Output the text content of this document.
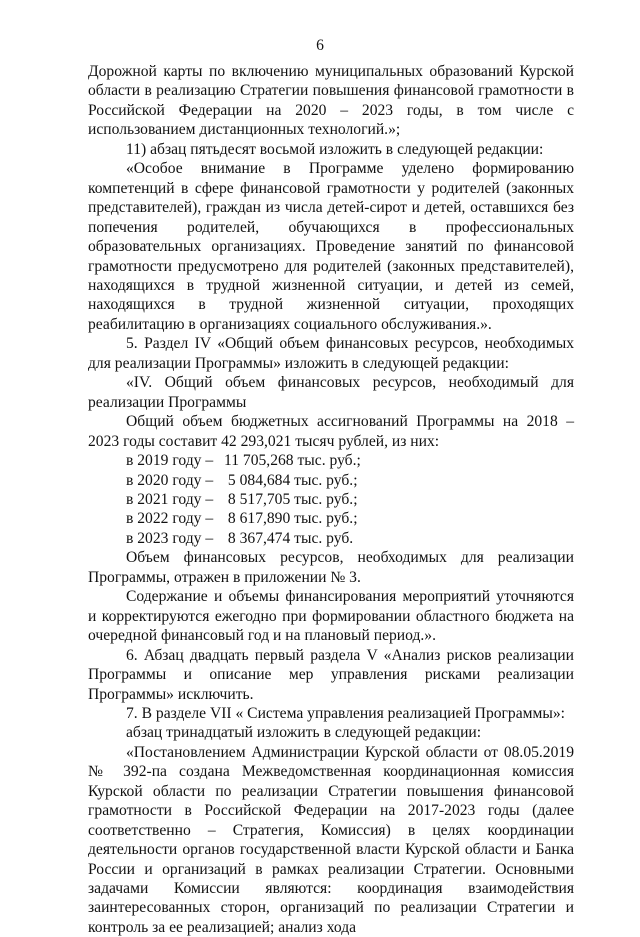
6

Дорожной карты по включению муниципальных образований Курской области в реализацию Стратегии повышения финансовой грамотности в Российской Федерации на 2020 – 2023 годы, в том числе с использованием дистанционных технологий.»;

11) абзац пятьдесят восьмой изложить в следующей редакции:

«Особое внимание в Программе уделено формированию компетенций в сфере финансовой грамотности у родителей (законных представителей), граждан из числа детей-сирот и детей, оставшихся без попечения родителей, обучающихся в профессиональных образовательных организациях. Проведение занятий по финансовой грамотности предусмотрено для родителей (законных представителей), находящихся в трудной жизненной ситуации, и детей из семей, находящихся в трудной жизненной ситуации, проходящих реабилитацию в организациях социального обслуживания.».

5. Раздел IV «Общий объем финансовых ресурсов, необходимых для реализации Программы» изложить в следующей редакции:

«IV. Общий объем финансовых ресурсов, необходимый для реализации Программы

Общий объем бюджетных ассигнований Программы на 2018 – 2023 годы составит 42 293,021 тысяч рублей, из них:

в 2019 году – 11 705,268 тыс. руб.;
в 2020 году – 5 084,684 тыс. руб.;
в 2021 году – 8 517,705 тыс. руб.;
в 2022 году – 8 617,890 тыс. руб.;
в 2023 году – 8 367,474 тыс. руб.

Объем финансовых ресурсов, необходимых для реализации Программы, отражен в приложении № 3.

Содержание и объемы финансирования мероприятий уточняются и корректируются ежегодно при формировании областного бюджета на очередной финансовый год и на плановый период.».

6. Абзац двадцать первый раздела V «Анализ рисков реализации Программы и описание мер управления рисками реализации Программы» исключить.

7. В разделе VII « Система управления реализацией Программы»:

абзац тринадцатый изложить в следующей редакции:

«Постановлением Администрации Курской области от 08.05.2019 № 392-па создана Межведомственная координационная комиссия Курской области по реализации Стратегии повышения финансовой грамотности в Российской Федерации на 2017-2023 годы (далее соответственно – Стратегия, Комиссия) в целях координации деятельности органов государственной власти Курской области и Банка России и организаций в рамках реализации Стратегии. Основными задачами Комиссии являются: координация взаимодействия заинтересованных сторон, организаций по реализации Стратегии и контроль за ее реализацией; анализ хода
